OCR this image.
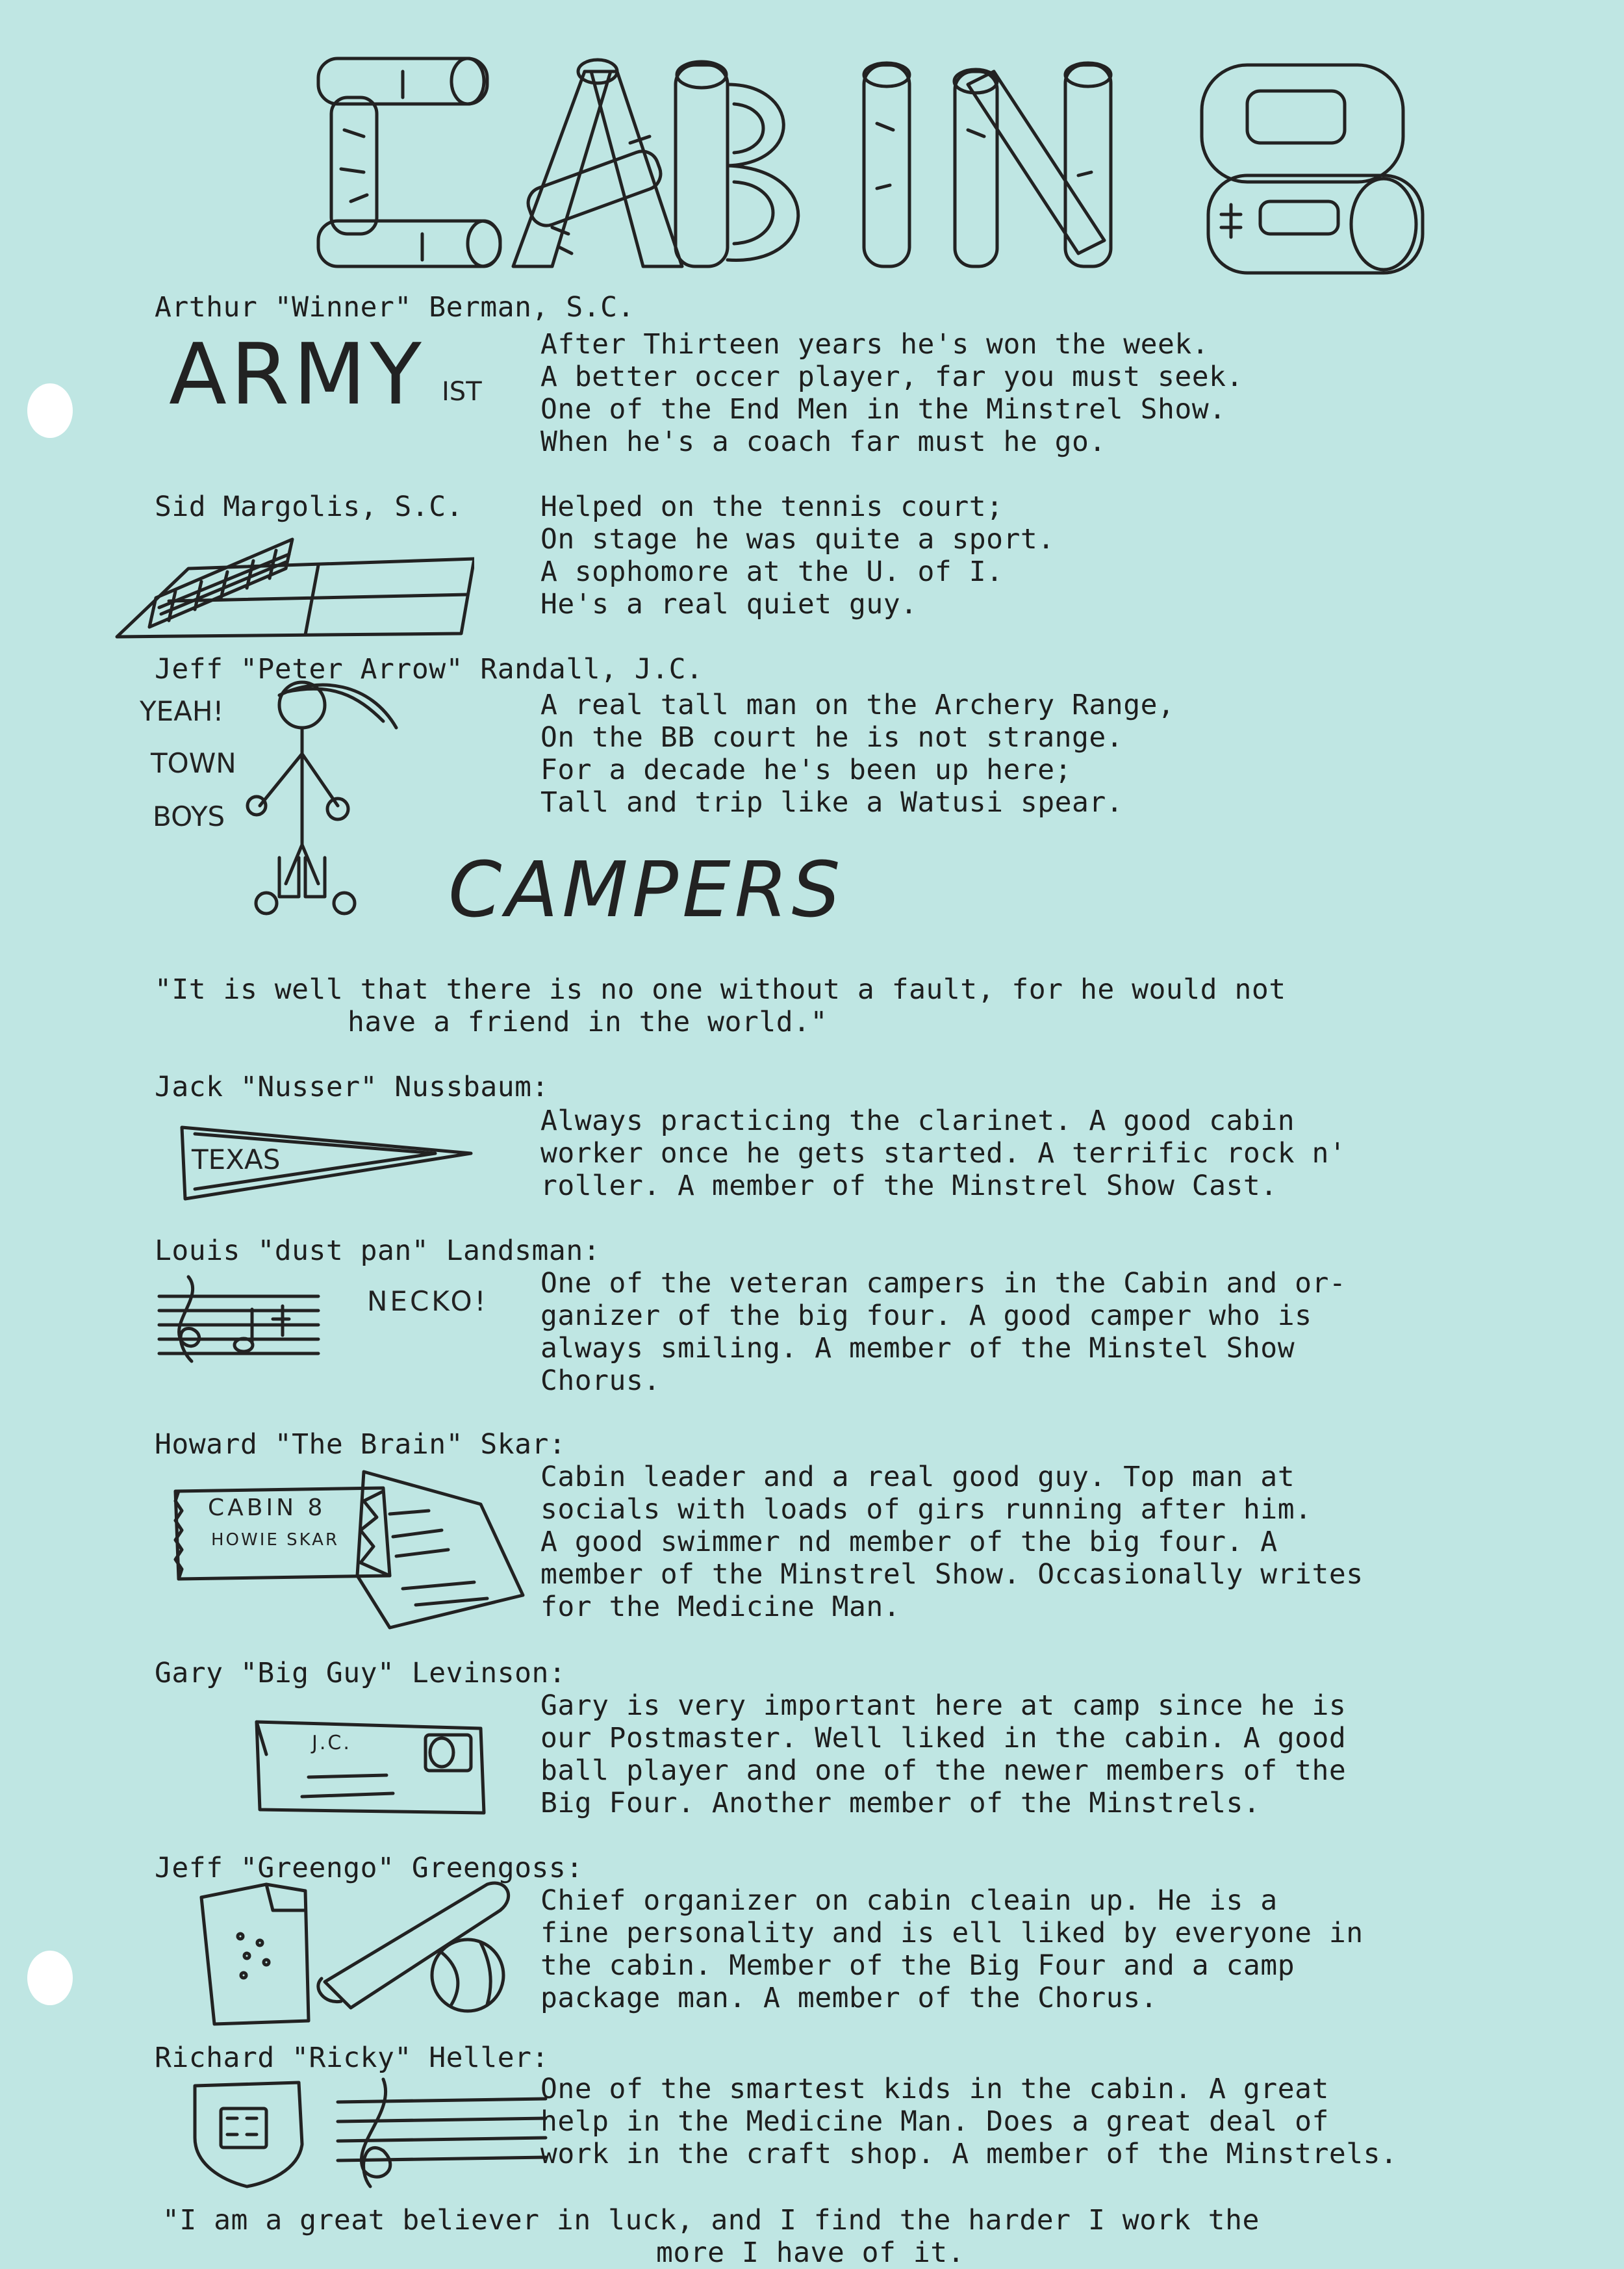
Arthur "Winner" Berman, S.C.
ARMY IST
After Thirteen years he's won the week.
A better occer player, far you must seek.
One of the End Men in the Minstrel Show.
When he's a coach far must he go.
Sid Margolis, S.C.	Helped on the tennis court;
On stage he was quite a sport.
A sophomore at the U. of I.
He's a real quiet guy.
Jeff "Peter Arrow" Randall, J.C.
YEAH!
TOWN
BOYS
A real tall man on the Archery Range,
On the BB court he is not strange.
For a decade he's been up here;
Tall and trip like a Watusi spear.
CAMPERS
"It is well that there is no one without a fault, for he would not
have a friend in the world."
Jack "Nusser" Nussbaum:
TEXAS
Always practicing the clarinet. A good cabin
worker once he gets started. A terrific rock n'
roller. A member of the Minstrel Show Cast.
Louis "dust pan" Landsman:
NECKO!
One of the veteran campers in the Cabin and or-
ganizer of the big four. A good camper who is
always smiling. A member of the Minstel Show
Chorus.
Howard "The Brain" Skar:
CABIN 8
HOWIE SKAR
Cabin leader and a real good guy. Top man at
socials with loads of girs running after him.
A good swimmer nd member of the big four. A
member of the Minstrel Show. Occasionally writes
for the Medicine Man.
Gary "Big Guy" Levinson:
J.C.
Gary is very important here at camp since he is
our Postmaster. Well liked in the cabin. A good
ball player and one of the newer members of the
Big Four. Another member of the Minstrels.
Jeff "Greengo" Greengoss:
Chief organizer on cabin cleain up. He is a
fine personality and is ell liked by everyone in
the cabin. Member of the Big Four and a camp
package man. A member of the Chorus.
Richard "Ricky" Heller:
One of the smartest kids in the cabin. A great
help in the Medicine Man. Does a great deal of
work in the craft shop. A member of the Minstrels.
"I am a great believer in luck, and I find the harder I work the
more I have of it.
